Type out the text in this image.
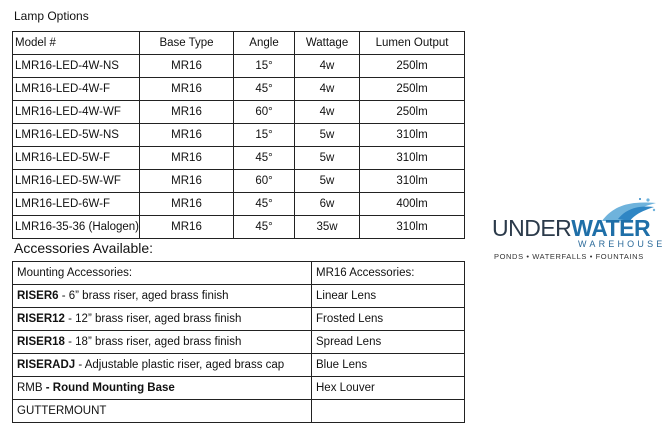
Lamp Options
Model #	Base Type	Angle	Wattage	Lumen Output
LMR16-LED-4W-NS	MR16	15°	4w	250lm
LMR16-LED-4W-F	MR16	45°	4w	250lm
LMR16-LED-4W-WF	MR16	60°	4w	250lm
LMR16-LED-5W-NS	MR16	15°	5w	310lm
LMR16-LED-5W-F	MR16	45°	5w	310lm
LMR16-LED-5W-WF	MR16	60°	5w	310lm
LMR16-LED-6W-F	MR16	45°	6w	400lm
LMR16-35-36 (Halogen)	MR16	45°	35w	310lm
Accessories Available:
Mounting Accessories:	MR16 Accessories:
RISER6 - 6” brass riser, aged brass finish	Linear Lens
RISER12 - 12” brass riser, aged brass finish	Frosted Lens
RISER18 - 18” brass riser, aged brass finish	Spread Lens
RISERADJ - Adjustable plastic riser, aged brass cap	Blue Lens
RMB - Round Mounting Base	Hex Louver
GUTTERMOUNT	
UNDERWATER
WAREHOUSE
PONDS • WATERFALLS • FOUNTAINS
